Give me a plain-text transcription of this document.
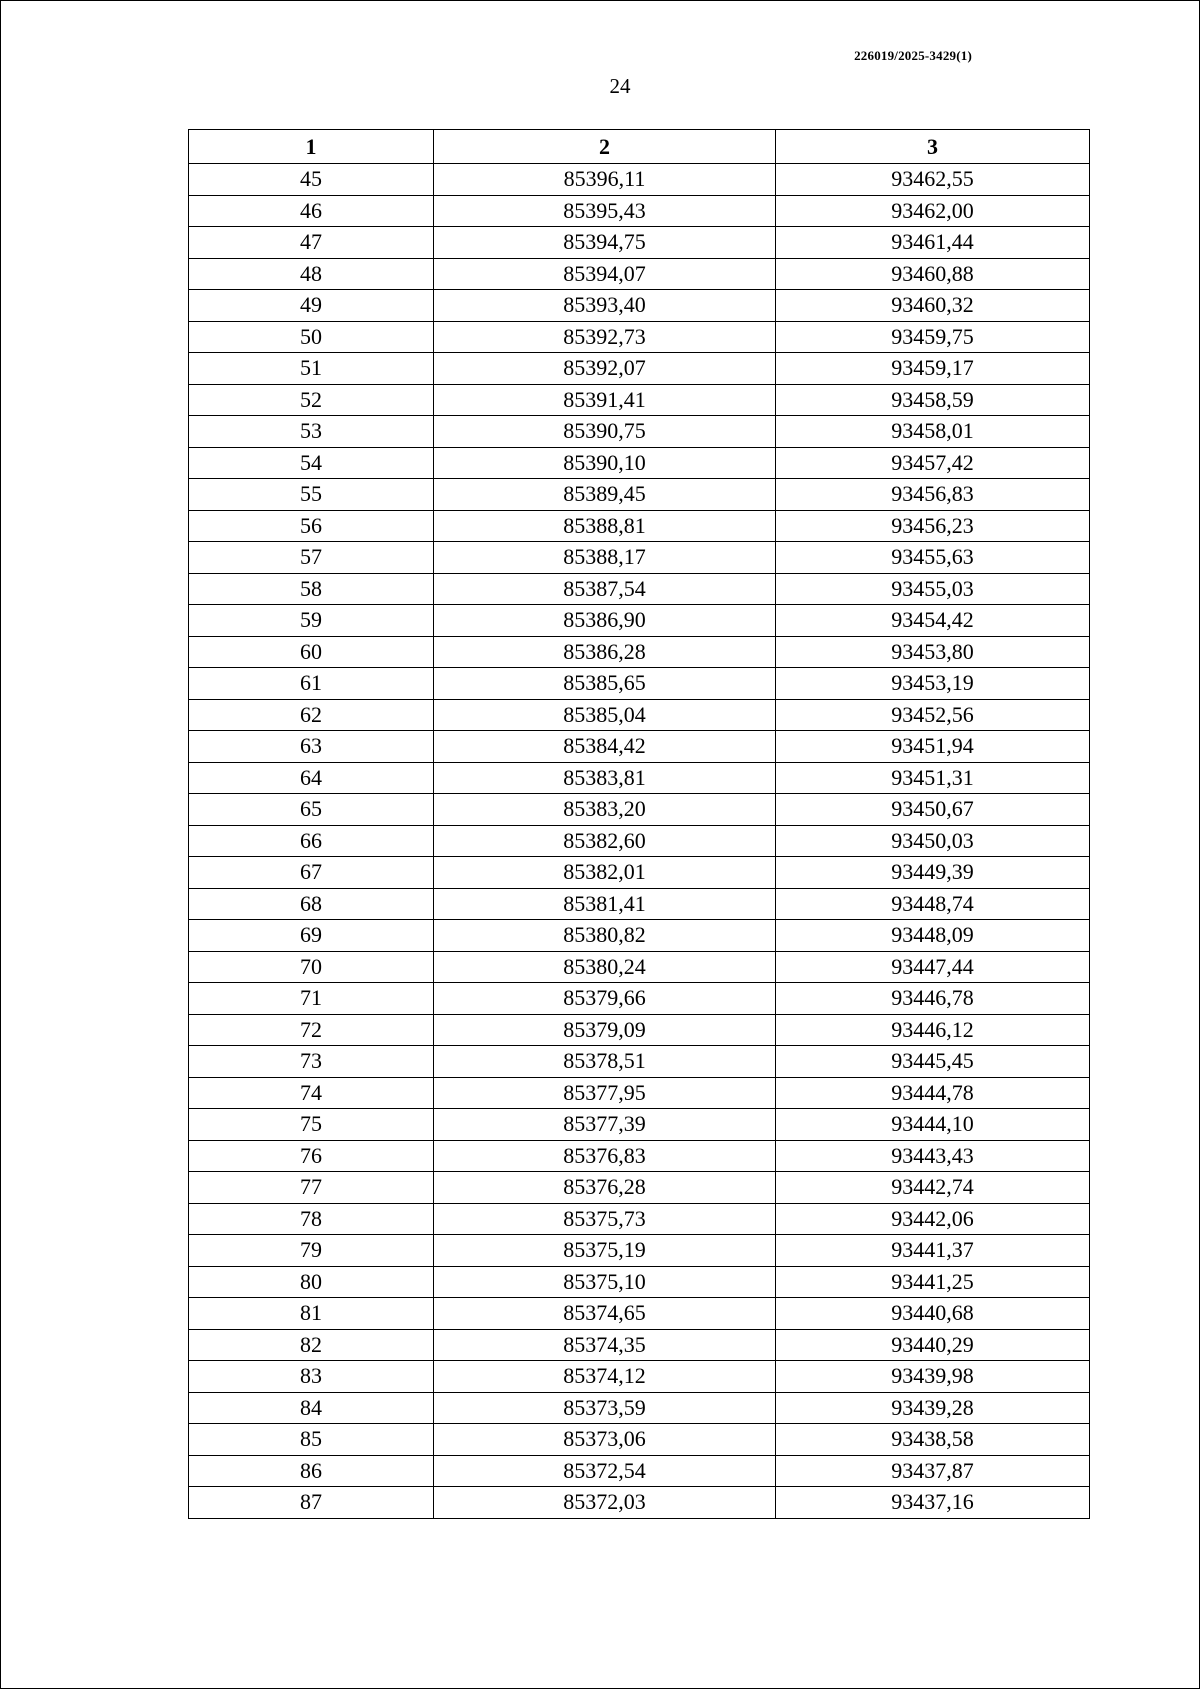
226019/2025-3429(1)
24
1	2	3
45	85396,11	93462,55
46	85395,43	93462,00
47	85394,75	93461,44
48	85394,07	93460,88
49	85393,40	93460,32
50	85392,73	93459,75
51	85392,07	93459,17
52	85391,41	93458,59
53	85390,75	93458,01
54	85390,10	93457,42
55	85389,45	93456,83
56	85388,81	93456,23
57	85388,17	93455,63
58	85387,54	93455,03
59	85386,90	93454,42
60	85386,28	93453,80
61	85385,65	93453,19
62	85385,04	93452,56
63	85384,42	93451,94
64	85383,81	93451,31
65	85383,20	93450,67
66	85382,60	93450,03
67	85382,01	93449,39
68	85381,41	93448,74
69	85380,82	93448,09
70	85380,24	93447,44
71	85379,66	93446,78
72	85379,09	93446,12
73	85378,51	93445,45
74	85377,95	93444,78
75	85377,39	93444,10
76	85376,83	93443,43
77	85376,28	93442,74
78	85375,73	93442,06
79	85375,19	93441,37
80	85375,10	93441,25
81	85374,65	93440,68
82	85374,35	93440,29
83	85374,12	93439,98
84	85373,59	93439,28
85	85373,06	93438,58
86	85372,54	93437,87
87	85372,03	93437,16
